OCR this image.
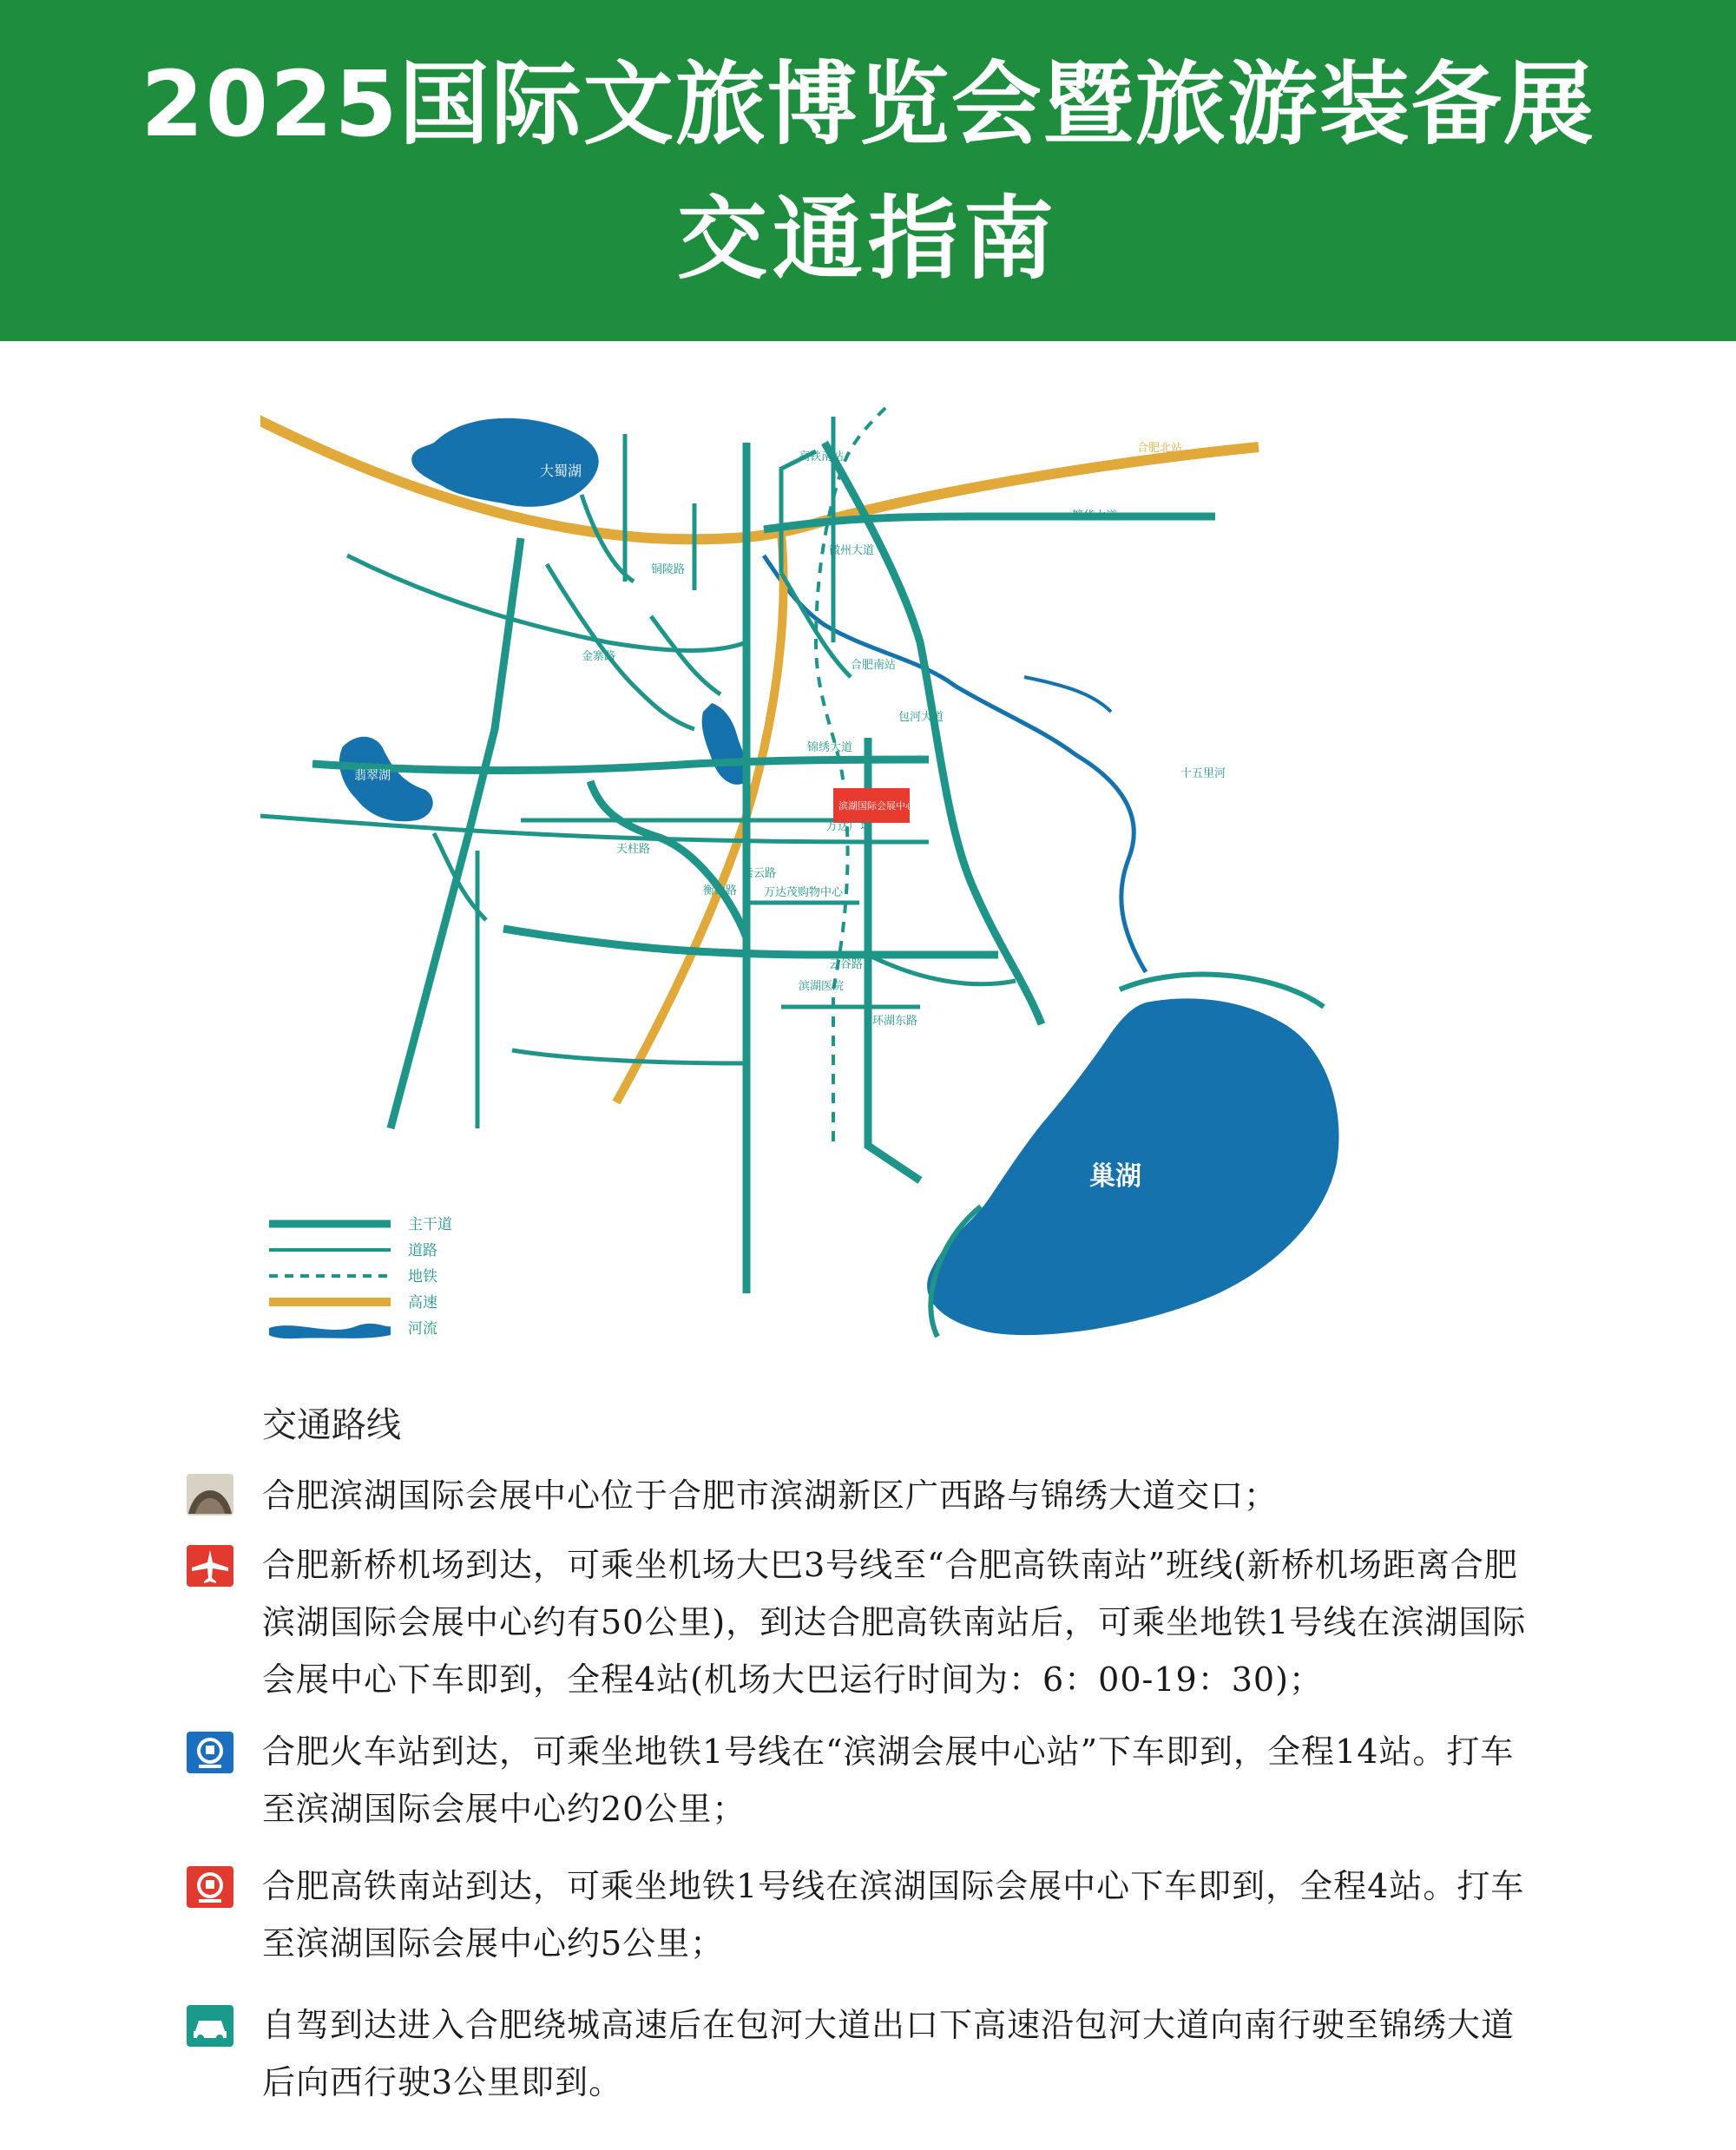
2025国际文旅博览会暨旅游装备展
交通指南
大蜀湖
翡翠湖
巢湖
滨湖国际会展中心
合肥北站
繁华大道
徽州大道
合肥南站
包河大道
锦绣大道
万达广场
紫云路
万达茂购物中心
云谷路
环湖东路
十五里河
铜陵路
天柱路
衡山路
金寨路
滨湖医院
高铁南站
主干道
道路
地铁
高速
河流
交通路线
合肥滨湖国际会展中心位于合肥市滨湖新区广西路与锦绣大道交口；
合肥新桥机场到达，可乘坐机场大巴3号线至“合肥高铁南站”班线(新桥机场距离合肥滨湖国际会展中心约有50公里)，到达合肥高铁南站后，可乘坐地铁1号线在滨湖国际会展中心下车即到，全程4站(机场大巴运行时间为：6：00-19：30)；
合肥火车站到达，可乘坐地铁1号线在“滨湖会展中心站”下车即到，全程14站。打车至滨湖国际会展中心约20公里；
合肥高铁南站到达，可乘坐地铁1号线在滨湖国际会展中心下车即到，全程4站。打车至滨湖国际会展中心约5公里；
自驾到达进入合肥绕城高速后在包河大道出口下高速沿包河大道向南行驶至锦绣大道后向西行驶3公里即到。
